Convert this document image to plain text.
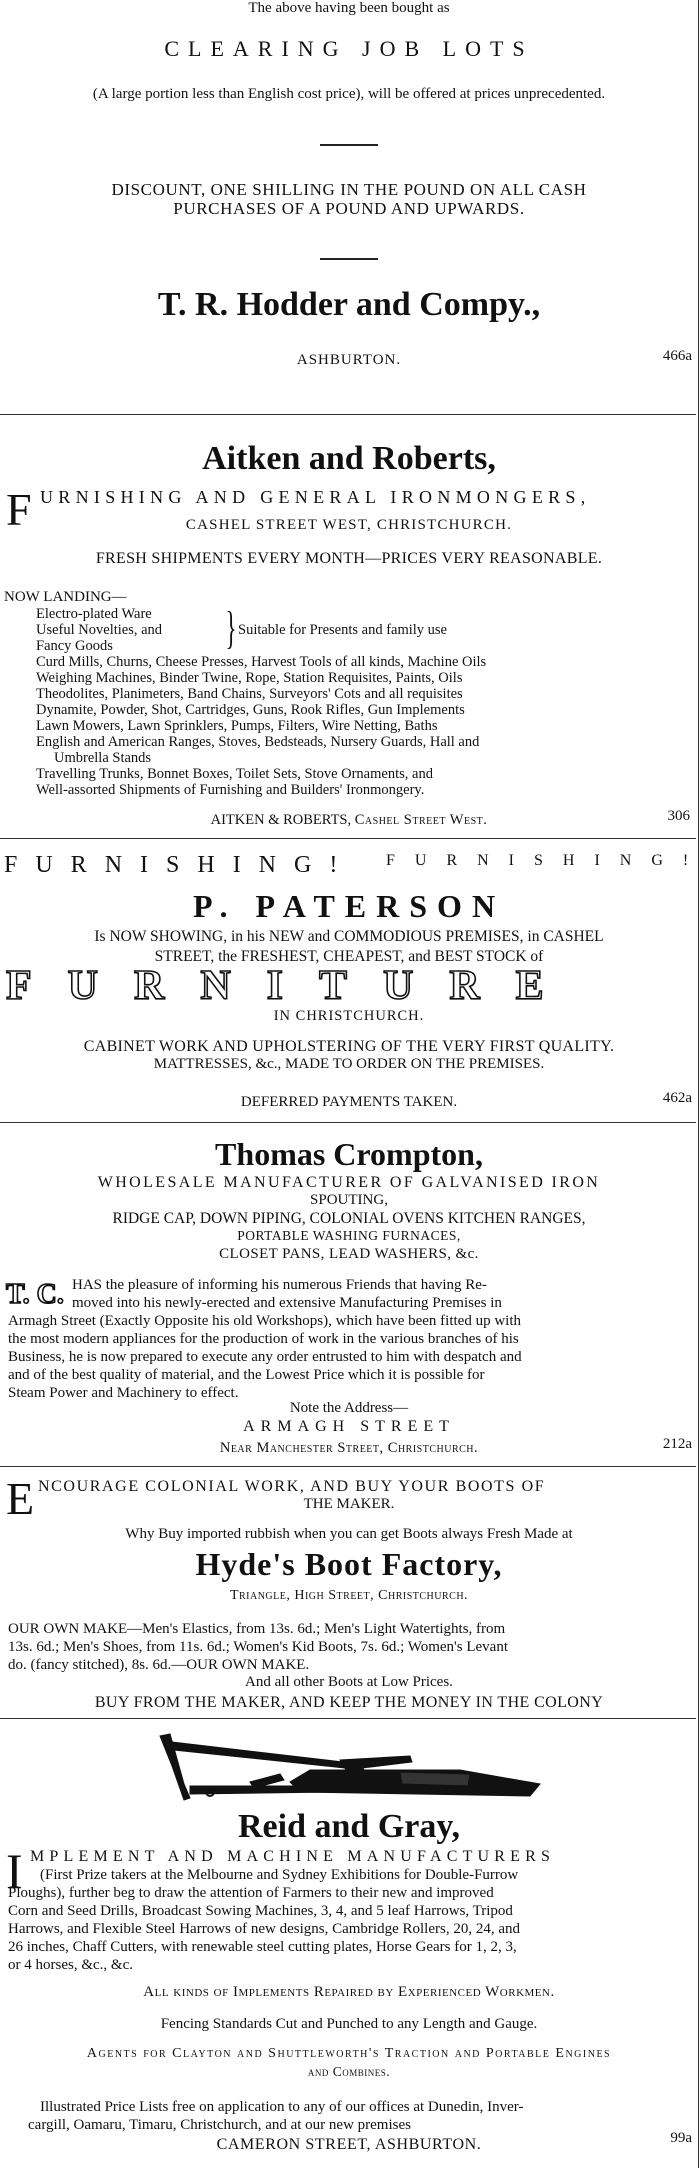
The above having been bought as
CLEARING JOB LOTS
(A large portion less than English cost price), will be offered at prices unprecedented.
DISCOUNT, ONE SHILLING IN THE POUND ON ALL CASH
PURCHASES OF A POUND AND UPWARDS.
T. R. Hodder and Compy.,
ASHBURTON.	466a
Aitken and Roberts,
F URNISHING AND GENERAL IRONMONGERS,
CASHEL STREET WEST, CHRISTCHURCH.
FRESH SHIPMENTS EVERY MONTH—PRICES VERY REASONABLE.
NOW LANDING—
Electro-plated Ware
Useful Novelties, and
Fancy Goods } Suitable for Presents and family use
Curd Mills, Churns, Cheese Presses, Harvest Tools of all kinds, Machine Oils
Weighing Machines, Binder Twine, Rope, Station Requisites, Paints, Oils
Theodolites, Planimeters, Band Chains, Surveyors' Cots and all requisites
Dynamite, Powder, Shot, Cartridges, Guns, Rook Rifles, Gun Implements
Lawn Mowers, Lawn Sprinklers, Pumps, Filters, Wire Netting, Baths
English and American Ranges, Stoves, Bedsteads, Nursery Guards, Hall and
Umbrella Stands
Travelling Trunks, Bonnet Boxes, Toilet Sets, Stove Ornaments, and
Well-assorted Shipments of Furnishing and Builders' Ironmongery.
AITKEN & ROBERTS, Cashel Street West.	306
F U R N I S H I N G !	F U R N I S H I N G !
P. PATERSON
Is NOW SHOWING, in his NEW and COMMODIOUS PREMISES, in CASHEL
STREET, the FRESHEST, CHEAPEST, and BEST STOCK of
FURNITURE
IN CHRISTCHURCH.
CABINET WORK AND UPHOLSTERING OF THE VERY FIRST QUALITY.
MATTRESSES, &c., MADE TO ORDER ON THE PREMISES.
DEFERRED PAYMENTS TAKEN.	462a
Thomas Crompton,
WHOLESALE MANUFACTURER OF GALVANISED IRON
SPOUTING,
RIDGE CAP, DOWN PIPING, COLONIAL OVENS KITCHEN RANGES,
PORTABLE WASHING FURNACES,
CLOSET PANS, LEAD WASHERS, &c.
T. C. HAS the pleasure of informing his numerous Friends that having Re-
moved into his newly-erected and extensive Manufacturing Premises in
Armagh Street (Exactly Opposite his old Workshops), which have been fitted up with
the most modern appliances for the production of work in the various branches of his
Business, he is now prepared to execute any order entrusted to him with despatch and
and of the best quality of material, and the Lowest Price which it is possible for
Steam Power and Machinery to effect.
Note the Address—
ARMAGH STREET
Near Manchester Street, Christchurch.	212a
E NCOURAGE COLONIAL WORK, AND BUY YOUR BOOTS OF
THE MAKER.
Why Buy imported rubbish when you can get Boots always Fresh Made at
Hyde's Boot Factory,
Triangle, High Street, Christchurch.
OUR OWN MAKE—Men's Elastics, from 13s. 6d.; Men's Light Watertights, from
13s. 6d.; Men's Shoes, from 11s. 6d.; Women's Kid Boots, 7s. 6d.; Women's Levant
do. (fancy stitched), 8s. 6d.—OUR OWN MAKE.
And all other Boots at Low Prices.
BUY FROM THE MAKER, AND KEEP THE MONEY IN THE COLONY
Reid and Gray,
I MPLEMENT AND MACHINE MANUFACTURERS
(First Prize takers at the Melbourne and Sydney Exhibitions for Double-Furrow
Ploughs), further beg to draw the attention of Farmers to their new and improved
Corn and Seed Drills, Broadcast Sowing Machines, 3, 4, and 5 leaf Harrows, Tripod
Harrows, and Flexible Steel Harrows of new designs, Cambridge Rollers, 20, 24, and
26 inches, Chaff Cutters, with renewable steel cutting plates, Horse Gears for 1, 2, 3,
or 4 horses, &c., &c.
All kinds of Implements Repaired by Experienced Workmen.
Fencing Standards Cut and Punched to any Length and Gauge.
Agents for Clayton and Shuttleworth's Traction and Portable Engines
and Combines.
Illustrated Price Lists free on application to any of our offices at Dunedin, Inver-
cargill, Oamaru, Timaru, Christchurch, and at our new premises
CAMERON STREET, ASHBURTON.	99a
